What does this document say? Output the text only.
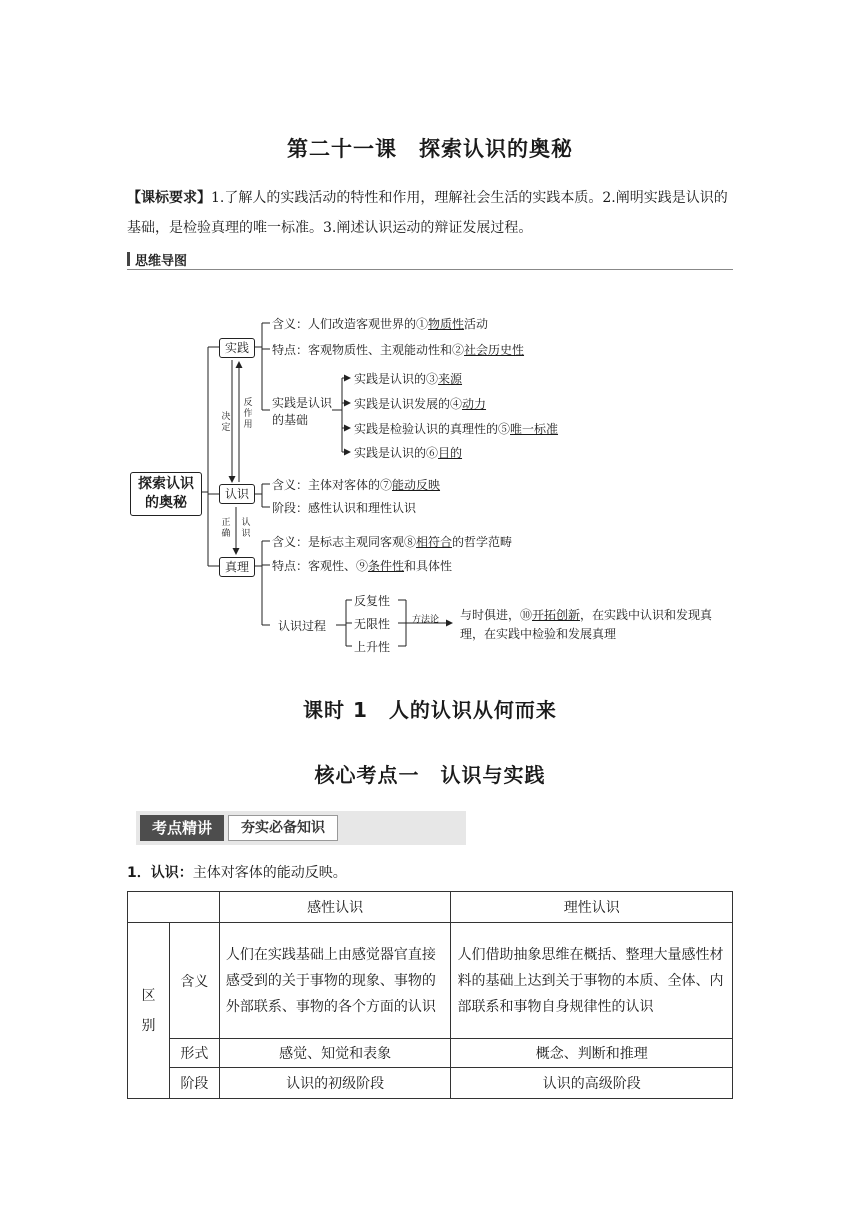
第二十一课　探索认识的奥秘
【课标要求】1.了解人的实践活动的特性和作用，理解社会生活的实践本质。2.阐明实践是认识的基础，是检验真理的唯一标准。3.阐述认识运动的辩证发展过程。
思维导图
探索认识的奥秘
实践
认识
真理
决定
反作用
正确
认识
含义：人们改造客观世界的①物质性活动
特点：客观物质性、主观能动性和②社会历史性
实践是认识的基础
实践是认识的③来源
实践是认识发展的④动力
实践是检验认识的真理性的⑤唯一标准
实践是认识的⑥目的
含义：主体对客体的⑦能动反映
阶段：感性认识和理性认识
含义：是标志主观同客观⑧相符合的哲学范畴
特点：客观性、⑨条件性和具体性
认识过程
反复性
无限性
上升性
方法论 与时俱进，⑩开拓创新，在实践中认识和发现真
理，在实践中检验和发展真理
课时 1　人的认识从何而来
核心考点一　认识与实践
考点精讲	夯实必备知识
1．认识：主体对客体的能动反映。
		感性认识	理性认识

区别	含义	人们在实践基础上由感觉器官直接感受到的关于事物的现象、事物的外部联系、事物的各个方面的认识	人们借助抽象思维在概括、整理大量感性材料的基础上达到关于事物的本质、全体、内部联系和事物自身规律性的认识
	形式	感觉、知觉和表象	概念、判断和推理
	阶段	认识的初级阶段	认识的高级阶段
